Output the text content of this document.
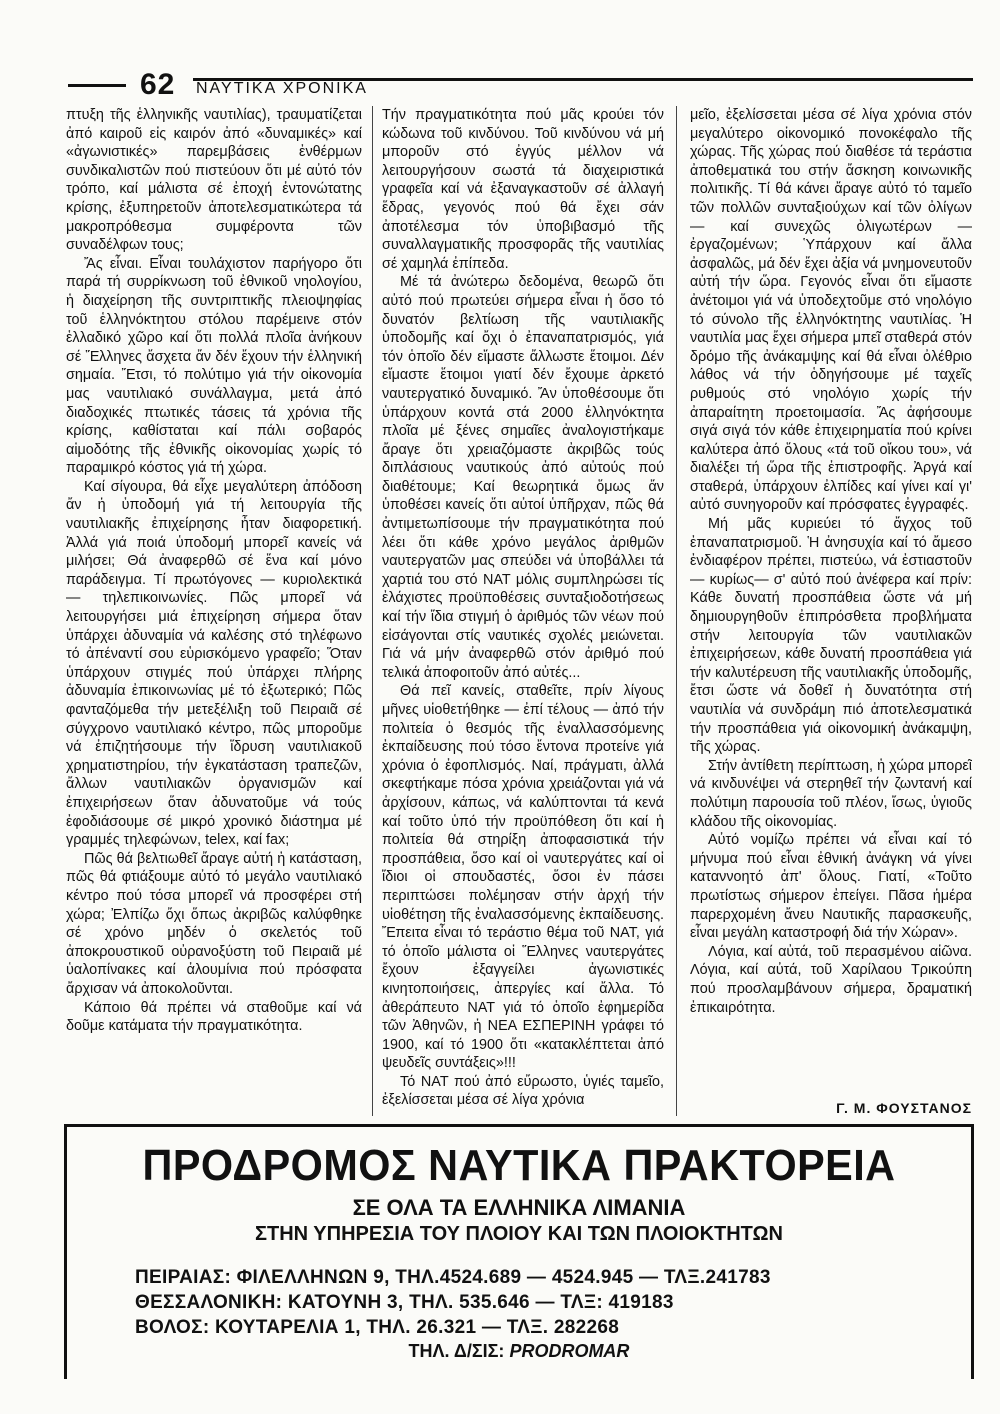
62 ΝΑΥΤΙΚΑ ΧΡΟΝΙΚΑ

πτυξη τῆς ἑλληνικῆς ναυτιλίας), τραυματίζεται ἀπό καιροῦ εἰς καιρόν ἀπό «δυναμικές» καί «ἀγωνιστικές» παρεμβάσεις ἐνθέρμων συνδικαλιστῶν πού πιστεύουν ὅτι μέ αὐτό τόν τρόπο, καί μάλιστα σέ ἐποχή ἐντονώτατης κρίσης, ἐξυπηρετοῦν ἀποτελεσματικώτερα τά μακροπρόθεσμα συμφέροντα τῶν συναδέλφων τους;

Ἄς εἶναι. Εἶναι τουλάχιστον παρήγορο ὅτι παρά τή συρρίκνωση τοῦ ἐθνικοῦ νηολογίου, ἡ διαχείρηση τῆς συντριπτικῆς πλειοψηφίας τοῦ ἑλληνόκτητου στόλου παρέμεινε στόν ἑλλαδικό χῶρο καί ὅτι πολλά πλοῖα ἀνήκουν σέ Ἕλληνες ἄσχετα ἄν δέν ἔχουν τήν ἑλληνική σημαία. Ἔτσι, τό πολύτιμο γιά τήν οἰκονομία μας ναυτιλιακό συνάλλαγμα, μετά ἀπό διαδοχικές πτωτικές τάσεις τά χρόνια τῆς κρίσης, καθίσταται καί πάλι σοβαρός αἱμοδότης τῆς ἐθνικῆς οἰκονομίας χωρίς τό παραμικρό κόστος γιά τή χώρα.

Καί σίγουρα, θά εἶχε μεγαλύτερη ἀπόδοση ἄν ἡ ὑποδομή γιά τή λειτουργία τῆς ναυτιλιακῆς ἐπιχείρησης ἦταν διαφορετική. Ἀλλά γιά ποιά ὑποδομή μπορεῖ κανείς νά μιλήσει; Θά ἀναφερθῶ σέ ἕνα καί μόνο παράδειγμα. Τί πρωτόγονες — κυριολεκτικά — τηλεπικοινωνίες. Πῶς μπορεῖ νά λειτουργήσει μιά ἐπιχείρηση σήμερα ὅταν ὑπάρχει ἀδυναμία νά καλέσης στό τηλέφωνο τό ἀπέναντί σου εὑρισκόμενο γραφεῖο; Ὅταν ὑπάρχουν στιγμές πού ὑπάρχει πλήρης ἀδυναμία ἐπικοινωνίας μέ τό ἐξωτερικό; Πῶς φανταζόμεθα τήν μετεξέλιξη τοῦ Πειραιᾶ σέ σύγχρονο ναυτιλιακό κέντρο, πῶς μποροῦμε νά ἐπιζητήσουμε τήν ἵδρυση ναυτιλιακοῦ χρηματιστηρίου, τήν ἐγκατάσταση τραπεζῶν, ἄλλων ναυτιλιακῶν ὀργανισμῶν καί ἐπιχειρήσεων ὅταν ἀδυνατοῦμε νά τούς ἐφοδιάσουμε σέ μικρό χρονικό διάστημα μέ γραμμές τηλεφώνων, telex, καί fax;

Πῶς θά βελτιωθεῖ ἄραγε αὐτή ἡ κατάσταση, πῶς θά φτιάξουμε αὐτό τό μεγάλο ναυτιλιακό κέντρο πού τόσα μπορεῖ νά προσφέρει στή χώρα; Ἐλπίζω ὄχι ὅπως ἀκριβῶς καλύφθηκε σέ χρόνο μηδέν ὁ σκελετός τοῦ ἀποκρουστικοῦ οὐρανοξύστη τοῦ Πειραιᾶ μέ ὑαλοπίνακες καί ἀλουμίνια πού πρόσφατα ἄρχισαν νά ἀποκολοῦνται.

Κάποιο θά πρέπει νά σταθοῦμε καί νά δοῦμε κατάματα τήν πραγματικότητα.

Τήν πραγματικότητα πού μᾶς κρούει τόν κώδωνα τοῦ κινδύνου. Τοῦ κινδύνου νά μή μποροῦν στό ἐγγύς μέλλον νά λειτουργήσουν σωστά τά διαχειριστικά γραφεῖα καί νά ἐξαναγκαστοῦν σέ ἀλλαγή ἕδρας, γεγονός πού θά ἔχει σάν ἀποτέλεσμα τόν ὑποβιβασμό τῆς συναλλαγματικῆς προσφορᾶς τῆς ναυτιλίας σέ χαμηλά ἐπίπεδα.

Μέ τά ἀνώτερω δεδομένα, θεωρῶ ὅτι αὐτό πού πρωτεύει σήμερα εἶναι ἡ ὅσο τό δυνατόν βελτίωση τῆς ναυτιλιακῆς ὑποδομῆς καί ὄχι ὁ ἐπαναπατρισμός, γιά τόν ὁποῖο δέν εἴμαστε ἄλλωστε ἕτοιμοι. Δέν εἴμαστε ἕτοιμοι γιατί δέν ἔχουμε ἀρκετό ναυτεργατικό δυναμικό. Ἄν ὑποθέσουμε ὅτι ὑπάρχουν κοντά στά 2000 ἑλληνόκτητα πλοῖα μέ ξένες σημαῖες ἀναλογιστήκαμε ἄραγε ὅτι χρειαζόμαστε ἀκριβῶς τούς διπλάσιους ναυτικούς ἀπό αὐτούς πού διαθέτουμε; Καί θεωρητικά ὅμως ἄν ὑποθέσει κανείς ὅτι αὐτοί ὑπῆρχαν, πῶς θά ἀντιμετωπίσουμε τήν πραγματικότητα πού λέει ὅτι κάθε χρόνο μεγάλος ἀριθμῶν ναυτεργατῶν μας σπεύδει νά ὑποβάλλει τά χαρτιά του στό ΝΑΤ μόλις συμπληρώσει τίς ἐλάχιστες προϋποθέσεις συνταξιοδοτήσεως καί τήν ἴδια στιγμή ὁ ἀριθμός τῶν νέων πού εἰσάγονται στίς ναυτικές σχολές μειώνεται. Γιά νά μήν ἀναφερθῶ στόν ἀριθμό πού τελικά ἀποφοιτοῦν ἀπό αὐτές...

Θά πεῖ κανείς, σταθεῖτε, πρίν λίγους μῆνες υἱοθετήθηκε — ἐπί τέλους — ἀπό τήν πολιτεία ὁ θεσμός τῆς ἐναλλασσόμενης ἐκπαίδευσης πού τόσο ἔντονα προτείνε γιά χρόνια ὁ ἐφοπλισμός. Ναί, πράγματι, ἀλλά σκεφτήκαμε πόσα χρόνια χρειάζονται γιά νά ἀρχίσουν, κάπως, νά καλύπτονται τά κενά καί τοῦτο ὑπό τήν προϋπόθεση ὅτι καί ἡ πολιτεία θά στηρίξη ἀποφασιστικά τήν προσπάθεια, ὅσο καί οἱ ναυτεργάτες καί οἱ ἴδιοι οἱ σπουδαστές, ὅσοι ἐν πάσει περιπτώσει πολέμησαν στήν ἀρχή τήν υἱοθέτηση τῆς ἐναλασσόμενης ἐκπαίδευσης. Ἔπειτα εἶναι τό τεράστιο θέμα τοῦ ΝΑΤ, γιά τό ὁποῖο μάλιστα οἱ Ἕλληνες ναυτεργάτες ἔχουν ἐξαγγείλει ἀγωνιστικές κινητοποιήσεις, ἀπεργίες καί ἄλλα. Τό ἀθεράπευτο ΝΑΤ γιά τό ὁποῖο ἐφημερίδα τῶν Ἀθηνῶν, ἡ ΝΕΑ ΕΣΠΕΡΙΝΗ γράφει τό 1900, καί τό 1900 ὅτι «κατακλέπτεται ἀπό ψευδεῖς συντάξεις»!!!

Τό ΝΑΤ πού ἀπό εὔρωστο, ὑγιές ταμεῖο, ἐξελίσσεται μέσα σέ λίγα χρόνια

μεῖο, ἐξελίσσεται μέσα σέ λίγα χρόνια στόν μεγαλύτερο οἰκονομικό πονοκέφαλο τῆς χώρας. Τῆς χώρας πού διαθέσε τά τεράστια ἀποθεματικά του στήν ἄσκηση κοινωνικῆς πολιτικῆς. Τί θά κάνει ἄραγε αὐτό τό ταμεῖο τῶν πολλῶν συνταξιούχων καί τῶν ὀλίγων — καί συνεχῶς ὀλιγωτέρων — ἐργαζομένων; Ὑπάρχουν καί ἄλλα ἀσφαλῶς, μά δέν ἔχει ἀξία νά μνημονευτοῦν αὐτή τήν ὥρα. Γεγονός εἶναι ὅτι εἴμαστε ἀνέτοιμοι γιά νά ὑποδεχτοῦμε στό νηολόγιο τό σύνολο τῆς ἑλληνόκτητης ναυτιλίας. Ἡ ναυτιλία μας ἔχει σήμερα μπεῖ σταθερά στόν δρόμο τῆς ἀνάκαμψης καί θά εἶναι ὀλέθριο λάθος νά τήν ὁδηγήσουμε μέ ταχεῖς ρυθμούς στό νηολόγιο χωρίς τήν ἀπαραίτητη προετοιμασία. Ἄς ἀφήσουμε σιγά σιγά τόν κάθε ἐπιχειρηματία πού κρίνει καλύτερα ἀπό ὅλους «τά τοῦ οἴκου του», νά διαλέξει τή ὥρα τῆς ἐπιστροφῆς. Ἀργά καί σταθερά, ὑπάρχουν ἐλπίδες καί γίνει καί γι' αὐτό συνηγοροῦν καί πρόσφατες ἐγγραφές.

Μή μᾶς κυριεύει τό ἄγχος τοῦ ἐπαναπατρισμοῦ. Ἡ ἀνησυχία καί τό ἄμεσο ἐνδιαφέρον πρέπει, πιστεύω, νά ἐστιαστοῦν — κυρίως— σ' αὐτό πού ἀνέφερα καί πρίν: Κάθε δυνατή προσπάθεια ὥστε νά μή δημιουργηθοῦν ἐπιπρόσθετα προβλήματα στήν λειτουργία τῶν ναυτιλιακῶν ἐπιχειρήσεων, κάθε δυνατή προσπάθεια γιά τήν καλυτέρευση τῆς ναυτιλιακῆς ὑποδομῆς, ἔτσι ὥστε νά δοθεῖ ἡ δυνατότητα στή ναυτιλία νά συνδράμη πιό ἀποτελεσματικά τήν προσπάθεια γιά οἰκονομική ἀνάκαμψη, τῆς χώρας.

Στήν ἀντίθετη περίπτωση, ἡ χώρα μπορεῖ νά κινδυνέψει νά στερηθεῖ τήν ζωντανή καί πολύτιμη παρουσία τοῦ πλέον, ἴσως, ὑγιοῦς κλάδου τῆς οἰκονομίας.

Αὐτό νομίζω πρέπει νά εἶναι καί τό μήνυμα πού εἶναι ἐθνική ἀνάγκη νά γίνει καταννοητό ἀπ' ὅλους. Γιατί, «Τοῦτο πρωτίστως σήμερον ἐπείγει. Πᾶσα ἡμέρα παρερχομένη ἄνευ Ναυτικῆς παρασκευῆς, εἶναι μεγάλη καταστροφή διά τήν Χώραν».

Λόγια, καί αὐτά, τοῦ περασμένου αἰῶνα. Λόγια, καί αὐτά, τοῦ Χαρίλαου Τρικούπη πού προσλαμβάνουν σήμερα, δραματική ἐπικαιρότητα.

Γ. Μ. ΦΟΥΣΤΑΝΟΣ
ΠΡΟΔΡΟΜΟΣ ΝΑΥΤΙΚΑ ΠΡΑΚΤΟΡΕΙΑ
ΣΕ ΟΛΑ ΤΑ ΕΛΛΗΝΙΚΑ ΛΙΜΑΝΙΑ
ΣΤΗΝ ΥΠΗΡΕΣΙΑ ΤΟΥ ΠΛΟΙΟΥ ΚΑΙ ΤΩΝ ΠΛΟΙΟΚΤΗΤΩΝ
ΠΕΙΡΑΙΑΣ: ΦΙΛΕΛΛΗΝΩΝ 9, ΤΗΛ.4524.689 — 4524.945 — ΤΛΞ.241783
ΘΕΣΣΑΛΟΝΙΚΗ: ΚΑΤΟΥΝΗ 3, ΤΗΛ. 535.646 — ΤΛΞ: 419183
ΒΟΛΟΣ: ΚΟΥΤΑΡΕΛΙΑ 1, ΤΗΛ. 26.321 — ΤΛΞ. 282268
ΤΗΛ. Δ/ΣΙΣ: PRODROMAR
